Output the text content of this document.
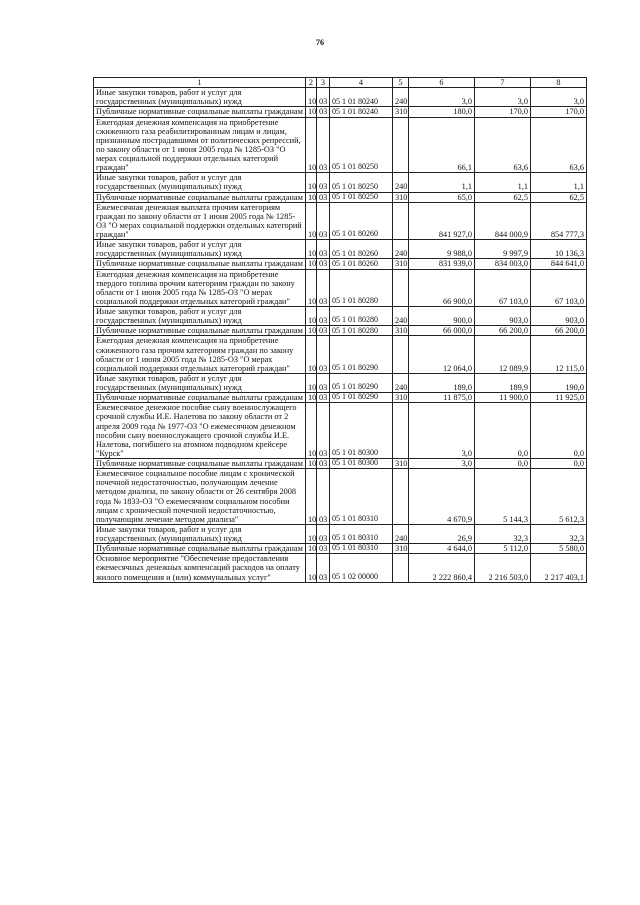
76
1	2	3	4	5	6	7	8
Иные закупки товаров, работ и услуг для государственных (муниципальных) нужд	10	03	05 1 01 80240	240	3,0	3,0	3,0
Публичные нормативные социальные выплаты гражданам	10	03	05 1 01 80240	310	180,0	170,0	170,0
Ежегодная денежная компенсация на приобретение сжиженного газа реабилитированным лицам и лицам, признанным пострадавшими от политических репрессий, по закону области от 1 июня 2005 года № 1285-ОЗ "О мерах социальной поддержки отдельных категорий граждан"	10	03	05 1 01 80250		66,1	63,6	63,6
Иные закупки товаров, работ и услуг для государственных (муниципальных) нужд	10	03	05 1 01 80250	240	1,1	1,1	1,1
Публичные нормативные социальные выплаты гражданам	10	03	05 1 01 80250	310	65,0	62,5	62,5
Ежемесячная денежная выплата прочим категориям граждан по закону области от 1 июня 2005 года № 1285-ОЗ "О мерах социальной поддержки отдельных категорий граждан"	10	03	05 1 01 80260		841 927,0	844 000,9	854 777,3
Иные закупки товаров, работ и услуг для государственных (муниципальных) нужд	10	03	05 1 01 80260	240	9 988,0	9 997,9	10 136,3
Публичные нормативные социальные выплаты гражданам	10	03	05 1 01 80260	310	831 939,0	834 003,0	844 641,0
Ежегодная денежная компенсация на приобретение твердого топлива прочим категориям граждан по закону области от 1 июня 2005 года № 1285-ОЗ "О мерах социальной поддержки отдельных категорий граждан"	10	03	05 1 01 80280		66 900,0	67 103,0	67 103,0
Иные закупки товаров, работ и услуг для государственных (муниципальных) нужд	10	03	05 1 01 80280	240	900,0	903,0	903,0
Публичные нормативные социальные выплаты гражданам	10	03	05 1 01 80280	310	66 000,0	66 200,0	66 200,0
Ежегодная денежная компенсация на приобретение сжиженного газа прочим категориям граждан по закону области от 1 июня 2005 года № 1285-ОЗ "О мерах социальной поддержки отдельных категорий граждан"	10	03	05 1 01 80290		12 064,0	12 089,9	12 115,0
Иные закупки товаров, работ и услуг для государственных (муниципальных) нужд	10	03	05 1 01 80290	240	189,0	189,9	190,0
Публичные нормативные социальные выплаты гражданам	10	03	05 1 01 80290	310	11 875,0	11 900,0	11 925,0
Ежемесячное денежное пособие сыну военнослужащего срочной службы И.Е. Налетова по закону области от 2 апреля 2009 года № 1977-ОЗ "О ежемесячном денежном пособии сыну военнослужащего срочной службы И.Е. Налетова, погибшего на атомном подводном крейсере "Курск"	10	03	05 1 01 80300		3,0	0,0	0,0
Публичные нормативные социальные выплаты гражданам	10	03	05 1 01 80300	310	3,0	0,0	0,0
Ежемесячное социальное пособие лицам с хронической почечной недостаточностью, получающим лечение методом диализа, по закону области от 26 сентября 2008 года № 1833-ОЗ "О ежемесячном социальном пособии лицам с хронической почечной недостаточностью, получающим лечение методом диализа"	10	03	05 1 01 80310		4 670,9	5 144,3	5 612,3
Иные закупки товаров, работ и услуг для государственных (муниципальных) нужд	10	03	05 1 01 80310	240	26,9	32,3	32,3
Публичные нормативные социальные выплаты гражданам	10	03	05 1 01 80310	310	4 644,0	5 112,0	5 580,0
Основное мероприятие "Обеспечение предоставления ежемесячных денежных компенсаций расходов на оплату жилого помещения и (или) коммунальных услуг"	10	03	05 1 02 00000		2 222 860,4	2 216 503,0	2 217 403,1
